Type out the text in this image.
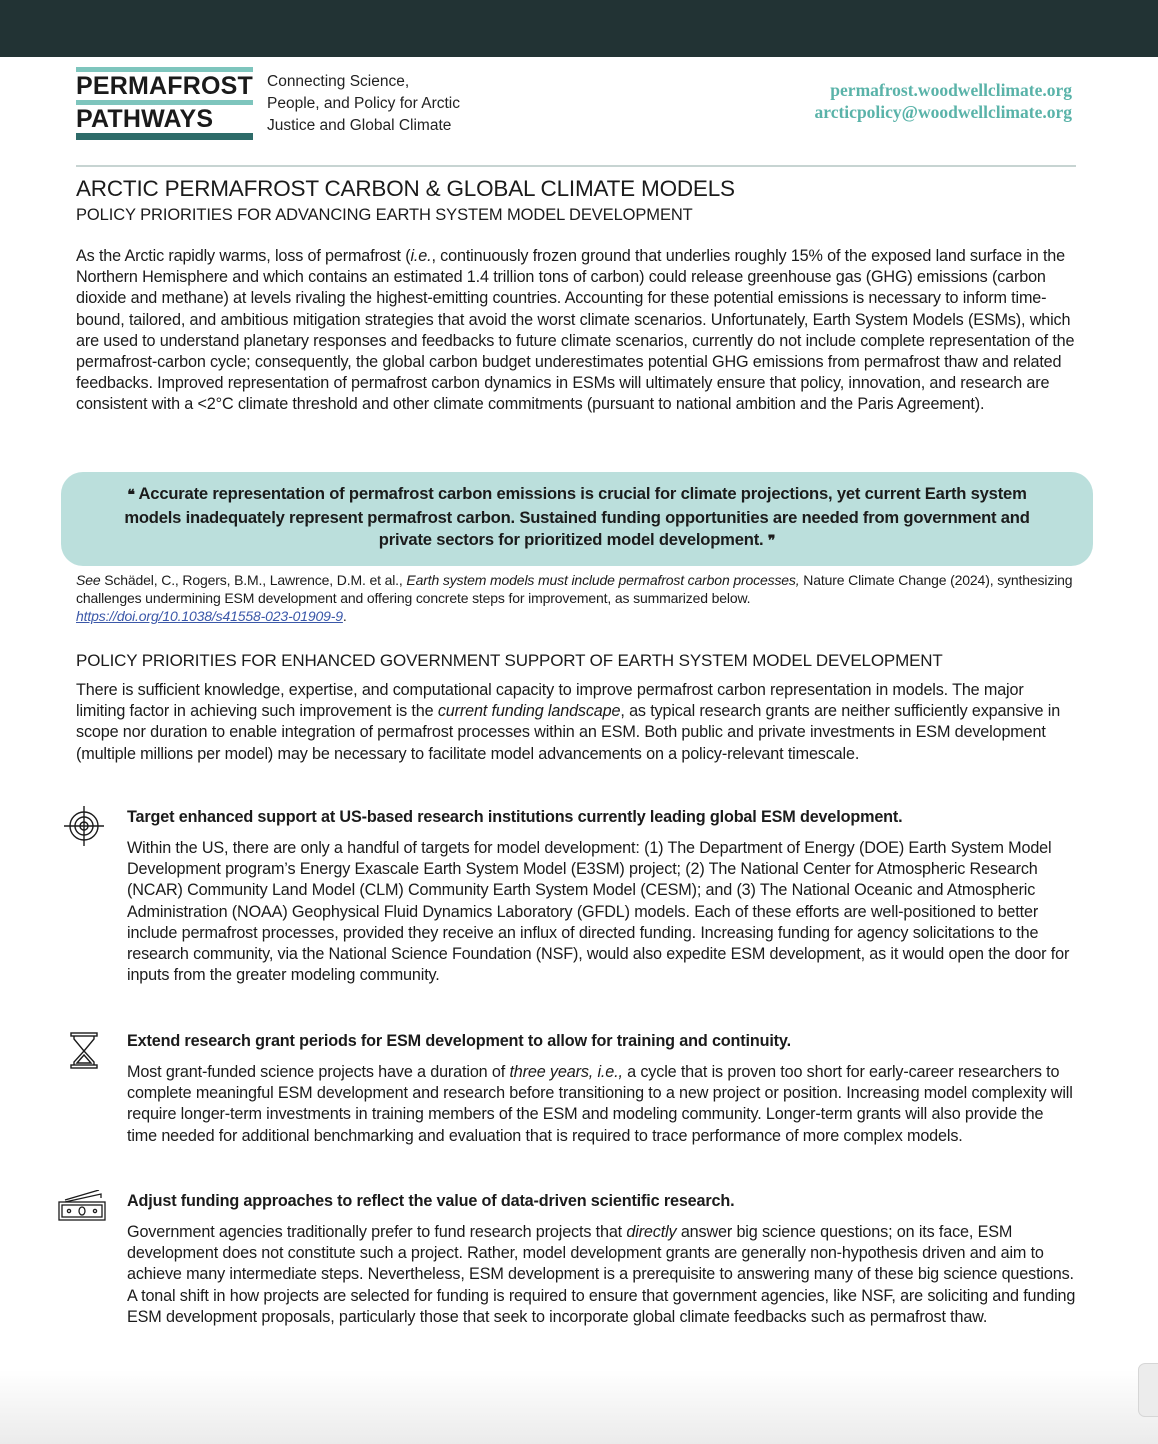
PERMAFROST
PATHWAYS
Connecting Science,
People, and Policy for Arctic
Justice and Global Climate
permafrost.woodwellclimate.org
arcticpolicy@woodwellclimate.org
ARCTIC PERMAFROST CARBON & GLOBAL CLIMATE MODELS
POLICY PRIORITIES FOR ADVANCING EARTH SYSTEM MODEL DEVELOPMENT
As the Arctic rapidly warms, loss of permafrost (i.e., continuously frozen ground that underlies roughly 15% of the exposed land surface in the Northern Hemisphere and which contains an estimated 1.4 trillion tons of carbon) could release greenhouse gas (GHG) emissions (carbon dioxide and methane) at levels rivaling the highest-emitting countries. Accounting for these potential emissions is necessary to inform time-bound, tailored, and ambitious mitigation strategies that avoid the worst climate scenarios. Unfortunately, Earth System Models (ESMs), which are used to understand planetary responses and feedbacks to future climate scenarios, currently do not include complete representation of the permafrost-carbon cycle; consequently, the global carbon budget underestimates potential GHG emissions from permafrost thaw and related feedbacks. Improved representation of permafrost carbon dynamics in ESMs will ultimately ensure that policy, innovation, and research are consistent with a <2°C climate threshold and other climate commitments (pursuant to national ambition and the Paris Agreement).
❝ Accurate representation of permafrost carbon emissions is crucial for climate projections, yet current Earth system models inadequately represent permafrost carbon. Sustained funding opportunities are needed from government and private sectors for prioritized model development. ❞
See Schädel, C., Rogers, B.M., Lawrence, D.M. et al., Earth system models must include permafrost carbon processes, Nature Climate Change (2024), synthesizing challenges undermining ESM development and offering concrete steps for improvement, as summarized below.
https://doi.org/10.1038/s41558-023-01909-9.
POLICY PRIORITIES FOR ENHANCED GOVERNMENT SUPPORT OF EARTH SYSTEM MODEL DEVELOPMENT
There is sufficient knowledge, expertise, and computational capacity to improve permafrost carbon representation in models. The major limiting factor in achieving such improvement is the current funding landscape, as typical research grants are neither sufficiently expansive in scope nor duration to enable integration of permafrost processes within an ESM. Both public and private investments in ESM development (multiple millions per model) may be necessary to facilitate model advancements on a policy-relevant timescale.
Target enhanced support at US-based research institutions currently leading global ESM development.
Within the US, there are only a handful of targets for model development: (1) The Department of Energy (DOE) Earth System Model Development program’s Energy Exascale Earth System Model (E3SM) project; (2) The National Center for Atmospheric Research (NCAR) Community Land Model (CLM) Community Earth System Model (CESM); and (3) The National Oceanic and Atmospheric Administration (NOAA) Geophysical Fluid Dynamics Laboratory (GFDL) models. Each of these efforts are well-positioned to better include permafrost processes, provided they receive an influx of directed funding. Increasing funding for agency solicitations to the research community, via the National Science Foundation (NSF), would also expedite ESM development, as it would open the door for inputs from the greater modeling community.
Extend research grant periods for ESM development to allow for training and continuity.
Most grant-funded science projects have a duration of three years, i.e., a cycle that is proven too short for early-career researchers to complete meaningful ESM development and research before transitioning to a new project or position. Increasing model complexity will require longer-term investments in training members of the ESM and modeling community. Longer-term grants will also provide the time needed for additional benchmarking and evaluation that is required to trace performance of more complex models.
Adjust funding approaches to reflect the value of data-driven scientific research.
Government agencies traditionally prefer to fund research projects that directly answer big science questions; on its face, ESM development does not constitute such a project. Rather, model development grants are generally non-hypothesis driven and aim to achieve many intermediate steps. Nevertheless, ESM development is a prerequisite to answering many of these big science questions. A tonal shift in how projects are selected for funding is required to ensure that government agencies, like NSF, are soliciting and funding ESM development proposals, particularly those that seek to incorporate global climate feedbacks such as permafrost thaw.
